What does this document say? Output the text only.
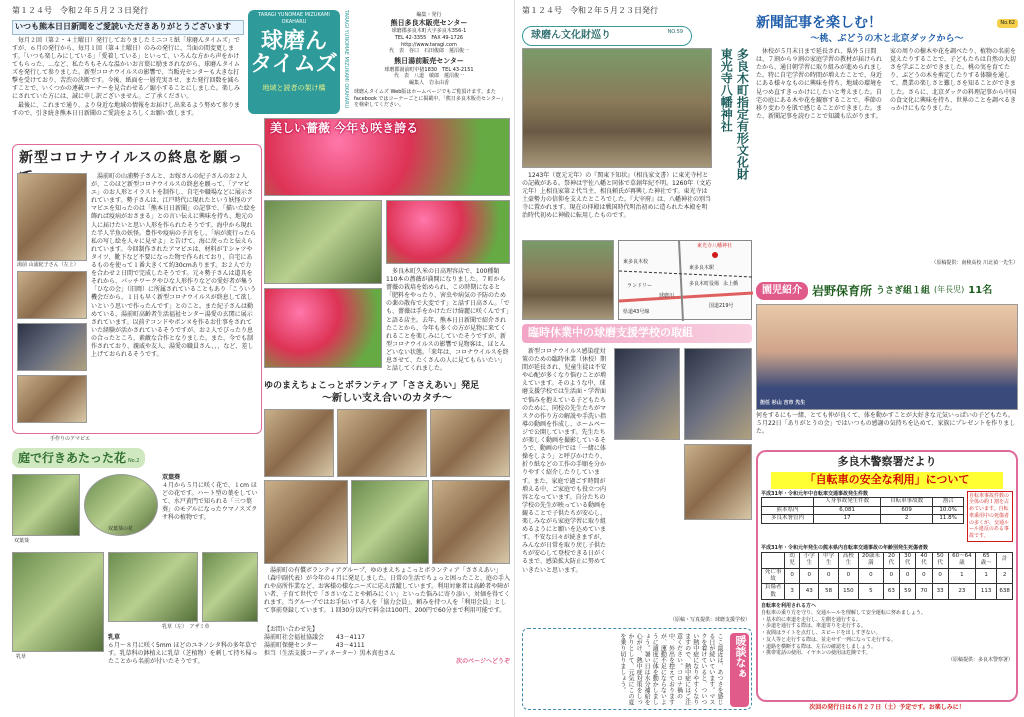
第１２４号　 令和２年５月２３日発行
いつも熊本日日新聞をご愛読いただきありがとうございます

毎月２回（第２・４土曜日）発行しておりましたミニコミ紙「球磨んタイムズ」ですが、６月の発行から、毎月１回（第４土曜日）のみの発行に、当面の間変更します。「いつも楽しみにしている」「愛着している」といって、いろんな方から声をかけてもらった、…など、私たちもそんな温かいお言葉に励まされながら、球磨んタイムズを発行して参りました。新型コロナウイルスの影響で、当販売センターも大きな打撃を受けており、苦渋の決断です。今後、紙面を一層充実させ、また発行回数を減らすことで、いくつかの連載コーナーを見合わせる／縮小することにしました。楽しみにされていた方には、誠に申し訳ございません。ご了承ください。

最後に、これまで通り、より身近な地域の情報をお届けし出来るよう努めて参りますので、引き続き熊本日日新聞のご愛読をよろしくお願い致します。

TARAGI YUNOMAE MIZUKAMI OKAHARU
球磨ん
タイムズ
地域と読者の架け橋	TARAGI YUNOMAE MIZUKAMI OKAHARU	編集・発行
熊日多良木販売センター
球磨郡多良木町大字多良木356-1
TEL 42-3355　FAX 49-1726
http://www.taragi.com
代　表　谷口　石田俊郎　蓮沼俊一
熊日湯前販売センター
球磨郡湯前町中猪1830　TEL 43-2151
代　表　八道　敏郎　蓮沼俊一
編集人　岩永由香
球磨んタイムズ Web版はホームページでもご覧頂けます。また facebook ではコーナーごとに掲載中。「熊日多良木販売センター」を検索してください。
新型コロナウイルスの終息を願っ
湯前 山浦紀子さん（左上）
湯前町の山浦勢子さんと、お嫁さんの紀子さんのお２人が、このほど新型コロナウイルスの終息を願って、「アマビエ」のお人形とイラストを制作し、自宅や職場などに展示されています。勢子さんは、江戸時代に現れたという妖怪のアマビエを知ったのは「熊本日日新聞」の記事で、「描いた絵を飾れば疫病がおさまる」との言い伝えに興味を持ち、地元の人に届けたいと思い人形を作られたそうです。海中から現れた半人半魚の妖怪。豊作や疫病の予言をし、「病が流行ったら私の写し絵を人々に見せよ」と告げて、海に戻ったと伝えられています。今回制作されたアマビエは、材料がＴシャツやタイツ、靴下など不要になった物で作られており、自宅にあるものを使って１番大きくて約30cmあります。お２人で力を合わせ２日間で完成したそうです。元々勢子さんは道具をそれから、パッチワークやひな人形作りなどの愛好者が集う「ひなの会」（旧岡）に所属されていることもあり「こういう機会だから、１日も早く新型コロナウイルスが終息して欲しいという思いで作ったんです」とのこと。また紀子さんは勤めている、湯前町高齢者生活福祉センター湯愛の玄関に展示されています。以前テコンドやボンヌを作るお仕事をされていた経験が活かされているそうですが、お２人でびったり息の合ったところ、素敵な合作となりました。また、今でも制作されており、親戚や友人、湯愛の職員さん、、、など、差し上げておられるそうです。
手作りのアマビエ
美しい薔薇 今年も咲き誇る
多良木町久米の日高理容店で、100種類110本の薔薇が満開になりました。７町から薔薇の栽培を始められ、この時期になると「肥料をやったり、害虫や病気の予防のための薬の散布で大変です」と話す日高さん。「でも、薔薇は手をかけただけ綺麗に咲くんです」と語る店主。去年、熊本日日新聞で紹介されたことから、今年も多くの方が見物に来てくれることを楽しみにしていたそうですが、新型コロナウイルスの影響で見物客は、ほとんどいない状態。「来年は、コロナウイルスを終息させて、たくさんの人に見てもらいたい」と話してくれました。
ゆのまえちょこっとボランティア「ささえあい」発足
〜新しい支え合いのカタチ〜

湯前町の有償ボランティアグループ、ゆのまえちょこっとボランティア「ささえあい」（森中副代表）が今年の４月に発足しました。日常の生活でちょっと困ったこと、庭の手入れや高所作業など、お客様の様なニーズに応え活躍しています。利用対象者は高齢者や障がい者、子育て世代で「ささいなことや頼みにくい」といった悩みに寄り添い、対価を得てくれます。当グループではお手伝いする人を「協力会員」、頼みを持つ人を「利用会員」として事前登録しています。１回30分以内で料金は100円、200円で60分まで利用可能です。

【お問い合わせ先】
湯前町社会福祉協議会　　43－4117
湯前町保健センター　　　43－4111
担当（生活支援コーディネーター）黒木真也さん
次のページへどうぞ
庭で行きあたった花 No.2
双葉葵
双葉葵の花
双葉葵
４月から５月に咲く花で、１cm ほどの花です。ハート型の葉をしていて、水戸黄門で知られる「三つ葉葵」のモデルになったウマノスズクサ科の植物です。
乳草
乳草（左）　アザミ草
乳草
６月〜８月に咲く5mm ほどのユキノシタ科の多年草です。乳草科の鉢植えに乳草（芝植物）を刺して持ち帰ったことから名前が付いたそうです。
第１２４号　 令和２年５月２３日発行
球磨ん文化財巡り	NO.59
多良木町指定有形文化財　東光寺八幡神社

1243年（寛元元年）の『関東下知状』（相良家文書）に東光寺村との記載がある。祭神は宇佐八幡と同体で草創年紀不明。1260年（文応元年）上相良家第２代当主、相良頼氏が再興した神社です。東光寺は土豪勢力の信仰を支えたところでした。『大宰府』は、八幡神社の別当寺に置かれます。現在の拝殿は戦国時代明治初めに造られた本殿を明治時代初めに神殿に転用したものです。

東光寺八幡神社
東多良木校
東多良木駅
ランドリー	多良木町役場
国道219号
県道43号線
球磨川
永上橋
臨時休業中の球磨支援学校の取組

新型コロナウイルス感染症対策のための臨時休業（休校）期間が延長され、児童生徒は不安や心配が多くなり悩むことが増えています。そのような中、球磨支援学校では生活面・学習面で悩みを抱えている子どもたちのために、同校の先生たちがマスクの作り方の解説や手洗い指導の動画を作成し、ホームページで公開しています。先生たちが楽しく動画を撮影しているそうで、動画の中では「一緒に体操をしよう」と呼びかけたり、折り紙などの工作の手順を分かりやすく紹介したりしています。また、家庭で過ごす時間が増える中、ご家庭でも役立つ内容となっています。自分たちの学校の先生が映っている動画を観ることで子供たちが安心し、楽しみながら家庭学習に取り組めるようにと願いを込めています。不安な日々が続きますが、みんなが日常を取り戻し子供たちが安心して登校できる日がくるまで、感染拡大防止に努めていきたいと思います。

（原稿・写真提供：球磨支援学校）
暖談なぁ

ここ最近は、あつさを感じる日が続いています。マスクを着けていると、ついつい熱中症になりやすくなりますので、熱中症にはご注意ください。コロナ禍の中、外出を控えておりますが、運動不足にならないように適度に体を動かしましょう。暑い日は水分補給を心がけ、熱中症対策をしっかりとして、元気にこの夏を乗り切りましょう。

新聞記事を楽しむ！	No.62
〜桃、ぶどうの木と北京ダックから〜

休校が５月末日まで延長され、県外５日間は、７割から９割の家庭学習の教材が届けられたから、通日朝学習に取り組みが進められました。特に自宅学習の時間が増えたことで、身近にある様々なものに興味を持ち、地域の環境を見つめ直すきっかけにしたいと考えました。自宅の庭にある木や花を観察することで、季節の移り変わりを肌で感じることができました。また、新聞記事を読むことで知識も広がります。家の周りの樹木や花を調べたり、植物の名前を覚えたりすることで、子どもたちは自然の大切さを学ぶことができました。桃の実を育てたり、ぶどうの木を剪定したりする体験を通して、農業の楽しさと難しさを知ることができました。さらに、北京ダックの料理記事から中国の食文化に興味を持ち、世界のことを調べるきっかけにもなりました。

（原稿提供：南稜高校 川北禎一先生）
園児紹介 岩野保育所 うさぎ組１組 (年長児) 11名
担任 杉山 吉市 先生

何をするにも一緒、とても仲が良くて、体を動かすことが大好きな元気いっぱいの子どもたち。５月22日「ありがとうの会」ではいつもの感謝の気持ちを込めて、家族にプレゼントを作りました。

多良木警察署だより
「自転車の安全な利用」について
平成31年・令和元年中自転車交通事故発生件数
	人身事故発生件数	自転車事故数	割合
熊本県内	6,081	609	10.0%
多良木署管内	17	2	11.8%
自転車事故件数の全体の約１割を占めています。自転車乗用中の死傷者の多くが、交通ルール違反のある事故です。
平成31年・令和元年発生の熊本県内自転車交通事故の年齢別発生死傷者数
	幼児	小学生	中学生	高校生	20歳未満	20代	30代	40代	50代	60〜64歳	65歳〜	計
死亡事故	0	0	0	0	0	0	0	0	0	1	1	2
負傷者数	3	43	58	150	5	63	59	70	33	23	113	638
自転車を利用される方へ
自転車の乗り方を守り、交通ルールを理解して安全運転に努めましょう。
・基本的に車道を走行し、左側を通行する。
・歩道を通行する際は、車道寄りを走行する。
・夜間はライトを点灯し、スピードを出しすぎない。
・友人等と走行する際は、並走せず一列になって走行する。
・道路を横断する際は、左右の確認をしましょう。
・携帯電話の使用、イヤホンの使用は危険です。
（原稿提供：多良木警察署）
次回の発行日は６月２７日（土）予定です。お楽しみに！
